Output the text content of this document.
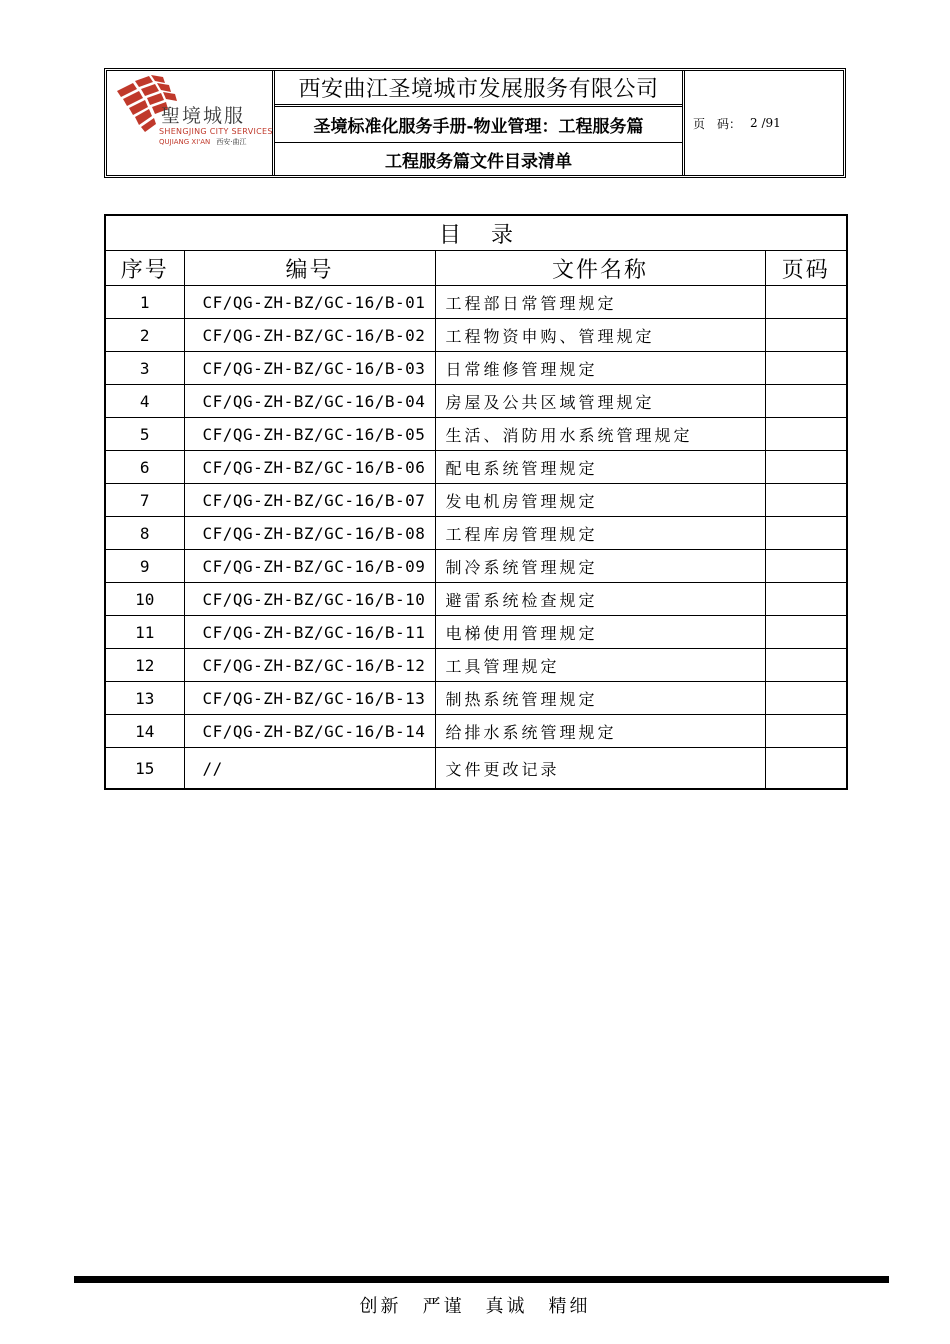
聖境城服
SHENGJING CITY SERVICES
QUJIANG XI'AN 西安·曲江
西安曲江圣境城市发展服务有限公司
圣境标准化服务手册-物业管理：工程服务篇
工程服务篇文件目录清单
页　码： 2
/91
目录			
序号	编号	文件名称	页码
1	CF/QG-ZH-BZ/GC-16/B-01	工程部日常管理规定	
2	CF/QG-ZH-BZ/GC-16/B-02	工程物资申购、管理规定	
3	CF/QG-ZH-BZ/GC-16/B-03	日常维修管理规定	
4	CF/QG-ZH-BZ/GC-16/B-04	房屋及公共区域管理规定	
5	CF/QG-ZH-BZ/GC-16/B-05	生活、消防用水系统管理规定	
6	CF/QG-ZH-BZ/GC-16/B-06	配电系统管理规定	
7	CF/QG-ZH-BZ/GC-16/B-07	发电机房管理规定	
8	CF/QG-ZH-BZ/GC-16/B-08	工程库房管理规定	
9	CF/QG-ZH-BZ/GC-16/B-09	制冷系统管理规定	
10	CF/QG-ZH-BZ/GC-16/B-10	避雷系统检查规定	
11	CF/QG-ZH-BZ/GC-16/B-11	电梯使用管理规定	
12	CF/QG-ZH-BZ/GC-16/B-12	工具管理规定	
13	CF/QG-ZH-BZ/GC-16/B-13	制热系统管理规定	
14	CF/QG-ZH-BZ/GC-16/B-14	给排水系统管理规定	
15	//	文件更改记录	
创新　严谨　真诚　精细
